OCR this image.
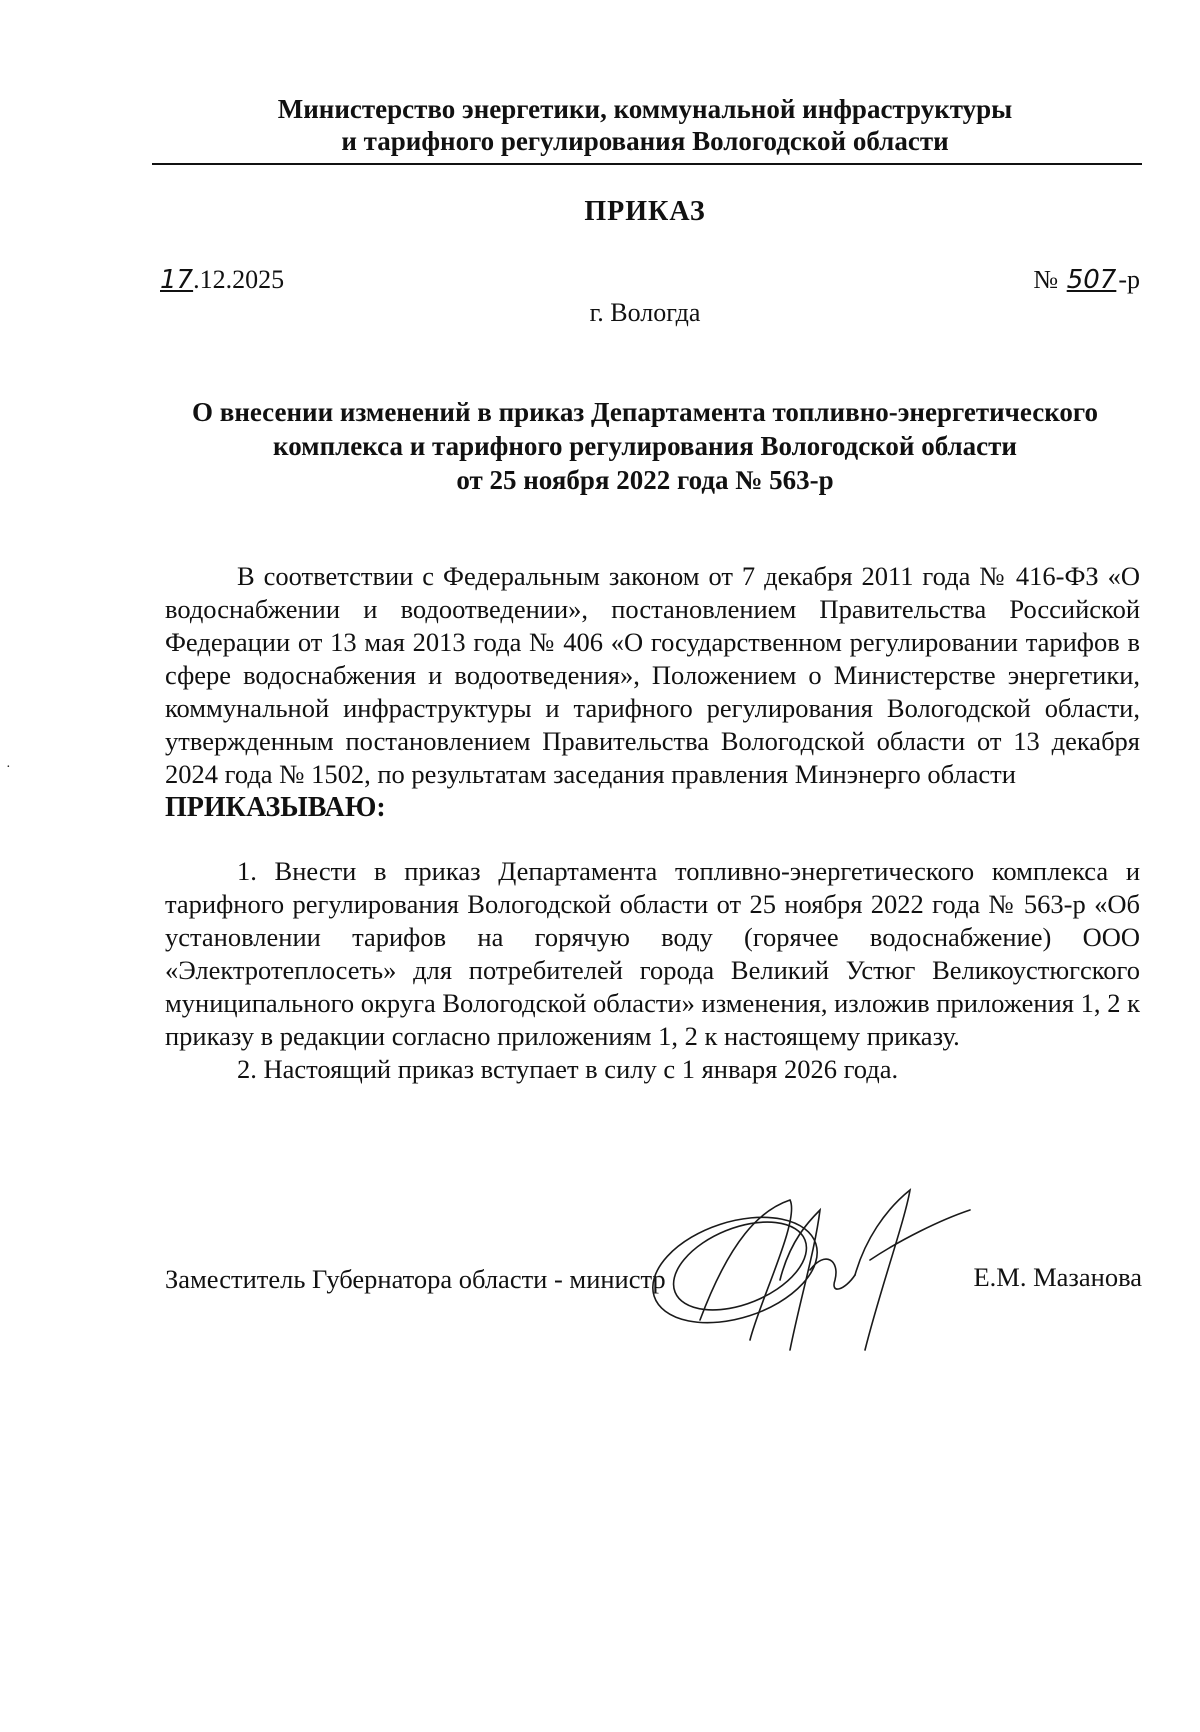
Министерство энергетики, коммунальной инфраструктуры
и тарифного регулирования Вологодской области
ПРИКАЗ
17.12.2025	№ 507-р
г. Вологда
О внесении изменений в приказ Департамента топливно-энергетического
комплекса и тарифного регулирования Вологодской области
от 25 ноября 2022 года № 563-р

В соответствии с Федеральным законом от 7 декабря 2011 года № 416-ФЗ «О водоснабжении и водоотведении», постановлением Правительства Российской Федерации от 13 мая 2013 года № 406 «О государственном регулировании тарифов в сфере водоснабжения и водоотведения», Положением о Министерстве энергетики, коммунальной инфраструктуры и тарифного регулирования Вологодской области, утвержденным постановлением Правительства Вологодской области от 13 декабря 2024 года № 1502, по результатам заседания правления Минэнерго области

ПРИКАЗЫВАЮ:

1. Внести в приказ Департамента топливно-энергетического комплекса и тарифного регулирования Вологодской области от 25 ноября 2022 года № 563-р «Об установлении тарифов на горячую воду (горячее водоснабжение) ООО «Электротеплосеть» для потребителей города Великий Устюг Великоустюгского муниципального округа Вологодской области» изменения, изложив приложения 1, 2 к приказу в редакции согласно приложениям 1, 2 к настоящему приказу.

2. Настоящий приказ вступает в силу с 1 января 2026 года.

Заместитель Губернатора области - министр	Е.М. Мазанова
·
